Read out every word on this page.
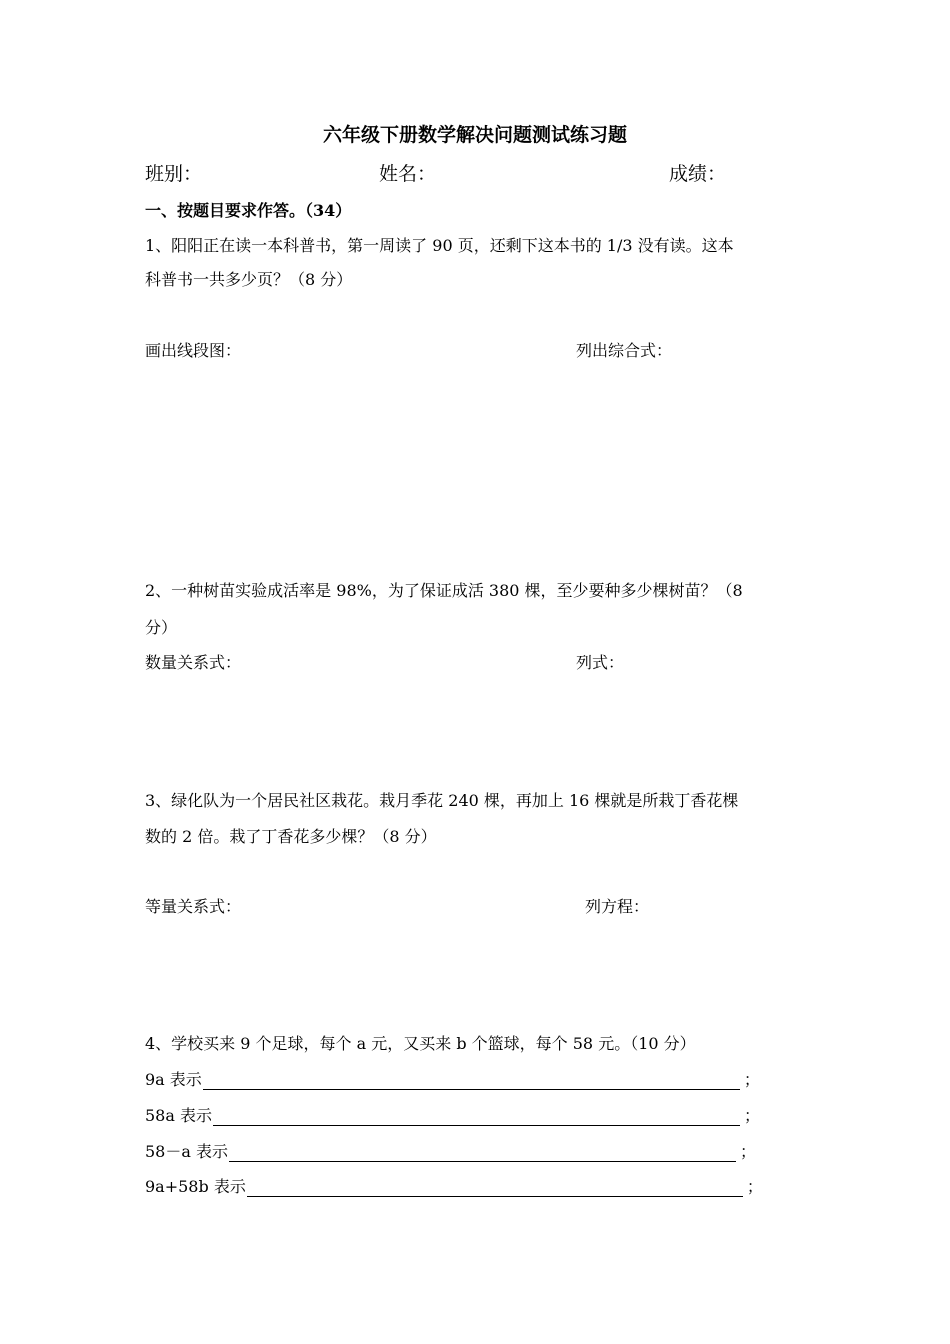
六年级下册数学解决问题测试练习题
班别：	姓名：	成绩：
一、按题目要求作答。（34）
1、阳阳正在读一本科普书，第一周读了 90 页，还剩下这本书的 1/3 没有读。这本
科普书一共多少页？（8 分）
画出线段图：	列出综合式：
2、一种树苗实验成活率是 98%，为了保证成活 380 棵，至少要种多少棵树苗？（8
分）
数量关系式：	列式：
3、绿化队为一个居民社区栽花。栽月季花 240 棵，再加上 16 棵就是所栽丁香花棵
数的 2 倍。栽了丁香花多少棵？（8 分）
等量关系式：	列方程：
4、学校买来 9 个足球，每个 a 元，又买来 b 个篮球，每个 58 元。（10 分）
9a 表示	；
58a 表示	；
58－a 表示	；
9a+58b 表示	；
